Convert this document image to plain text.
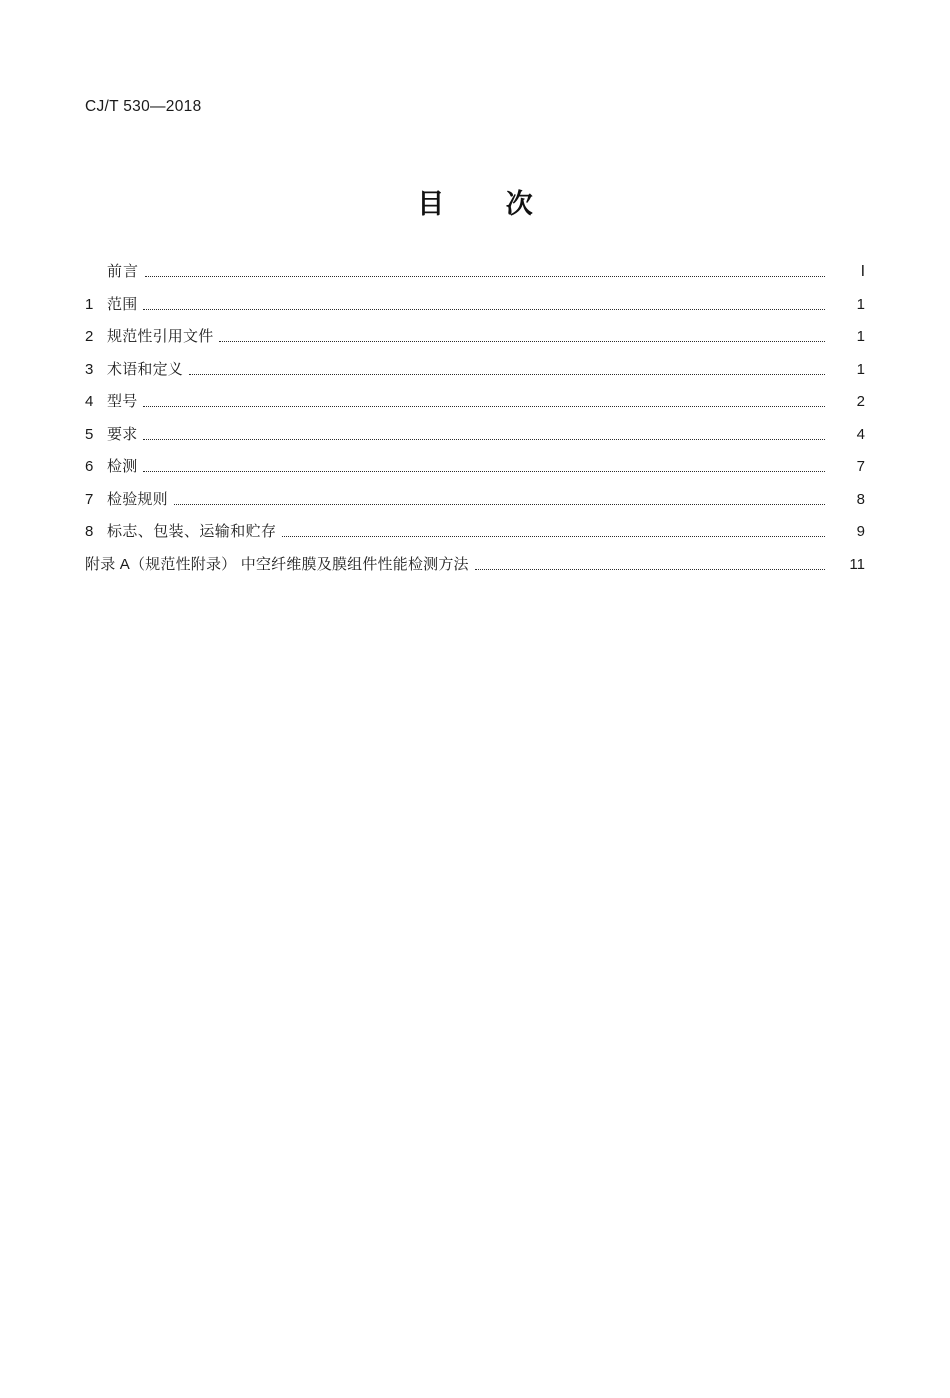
CJ/T 530—2018
目 次
前言	Ⅰ
1 范围	1
2 规范性引用文件	1
3 术语和定义	1
4 型号	2
5 要求	4
6 检测	7
7 检验规则	8
8 标志、包装、运输和贮存	9
附录 A（规范性附录） 中空纤维膜及膜组件性能检测方法	11
